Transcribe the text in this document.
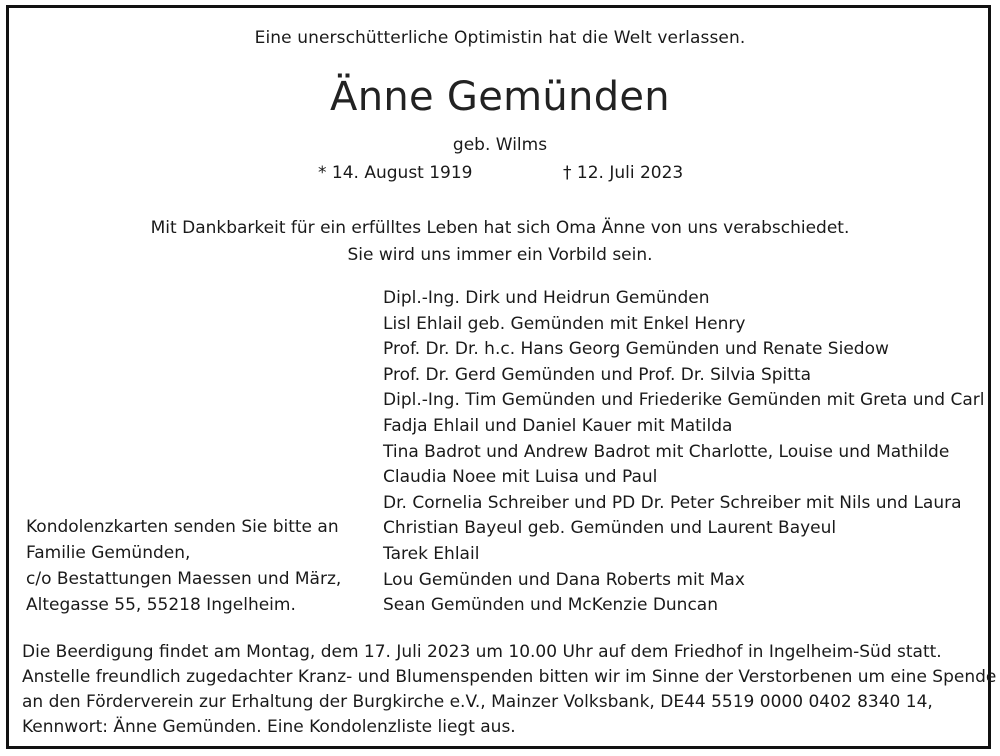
Eine unerschütterliche Optimistin hat die Welt verlassen.
Änne Gemünden
geb. Wilms
* 14. August 1919	† 12. Juli 2023
Mit Dankbarkeit für ein erfülltes Leben hat sich Oma Änne von uns verabschiedet.
Sie wird uns immer ein Vorbild sein.
Dipl.-Ing. Dirk und Heidrun Gemünden
Lisl Ehlail geb. Gemünden mit Enkel Henry
Prof. Dr. Dr. h.c. Hans Georg Gemünden und Renate Siedow
Prof. Dr. Gerd Gemünden und Prof. Dr. Silvia Spitta
Dipl.-Ing. Tim Gemünden und Friederike Gemünden mit Greta und Carl
Fadja Ehlail und Daniel Kauer mit Matilda
Tina Badrot und Andrew Badrot mit Charlotte, Louise und Mathilde
Claudia Noee mit Luisa und Paul
Dr. Cornelia Schreiber und PD Dr. Peter Schreiber mit Nils und Laura
Christian Bayeul geb. Gemünden und Laurent Bayeul
Tarek Ehlail
Lou Gemünden und Dana Roberts mit Max
Sean Gemünden und McKenzie Duncan
Kondolenzkarten senden Sie bitte an
Familie Gemünden,
c/o Bestattungen Maessen und März,
Altegasse 55, 55218 Ingelheim.
Die Beerdigung findet am Montag, dem 17. Juli 2023 um 10.00 Uhr auf dem Friedhof in Ingelheim-Süd statt.
Anstelle freundlich zugedachter Kranz- und Blumenspenden bitten wir im Sinne der Verstorbenen um eine Spende
an den Förderverein zur Erhaltung der Burgkirche e.V., Mainzer Volksbank, DE44 5519 0000 0402 8340 14,
Kennwort: Änne Gemünden. Eine Kondolenzliste liegt aus.
